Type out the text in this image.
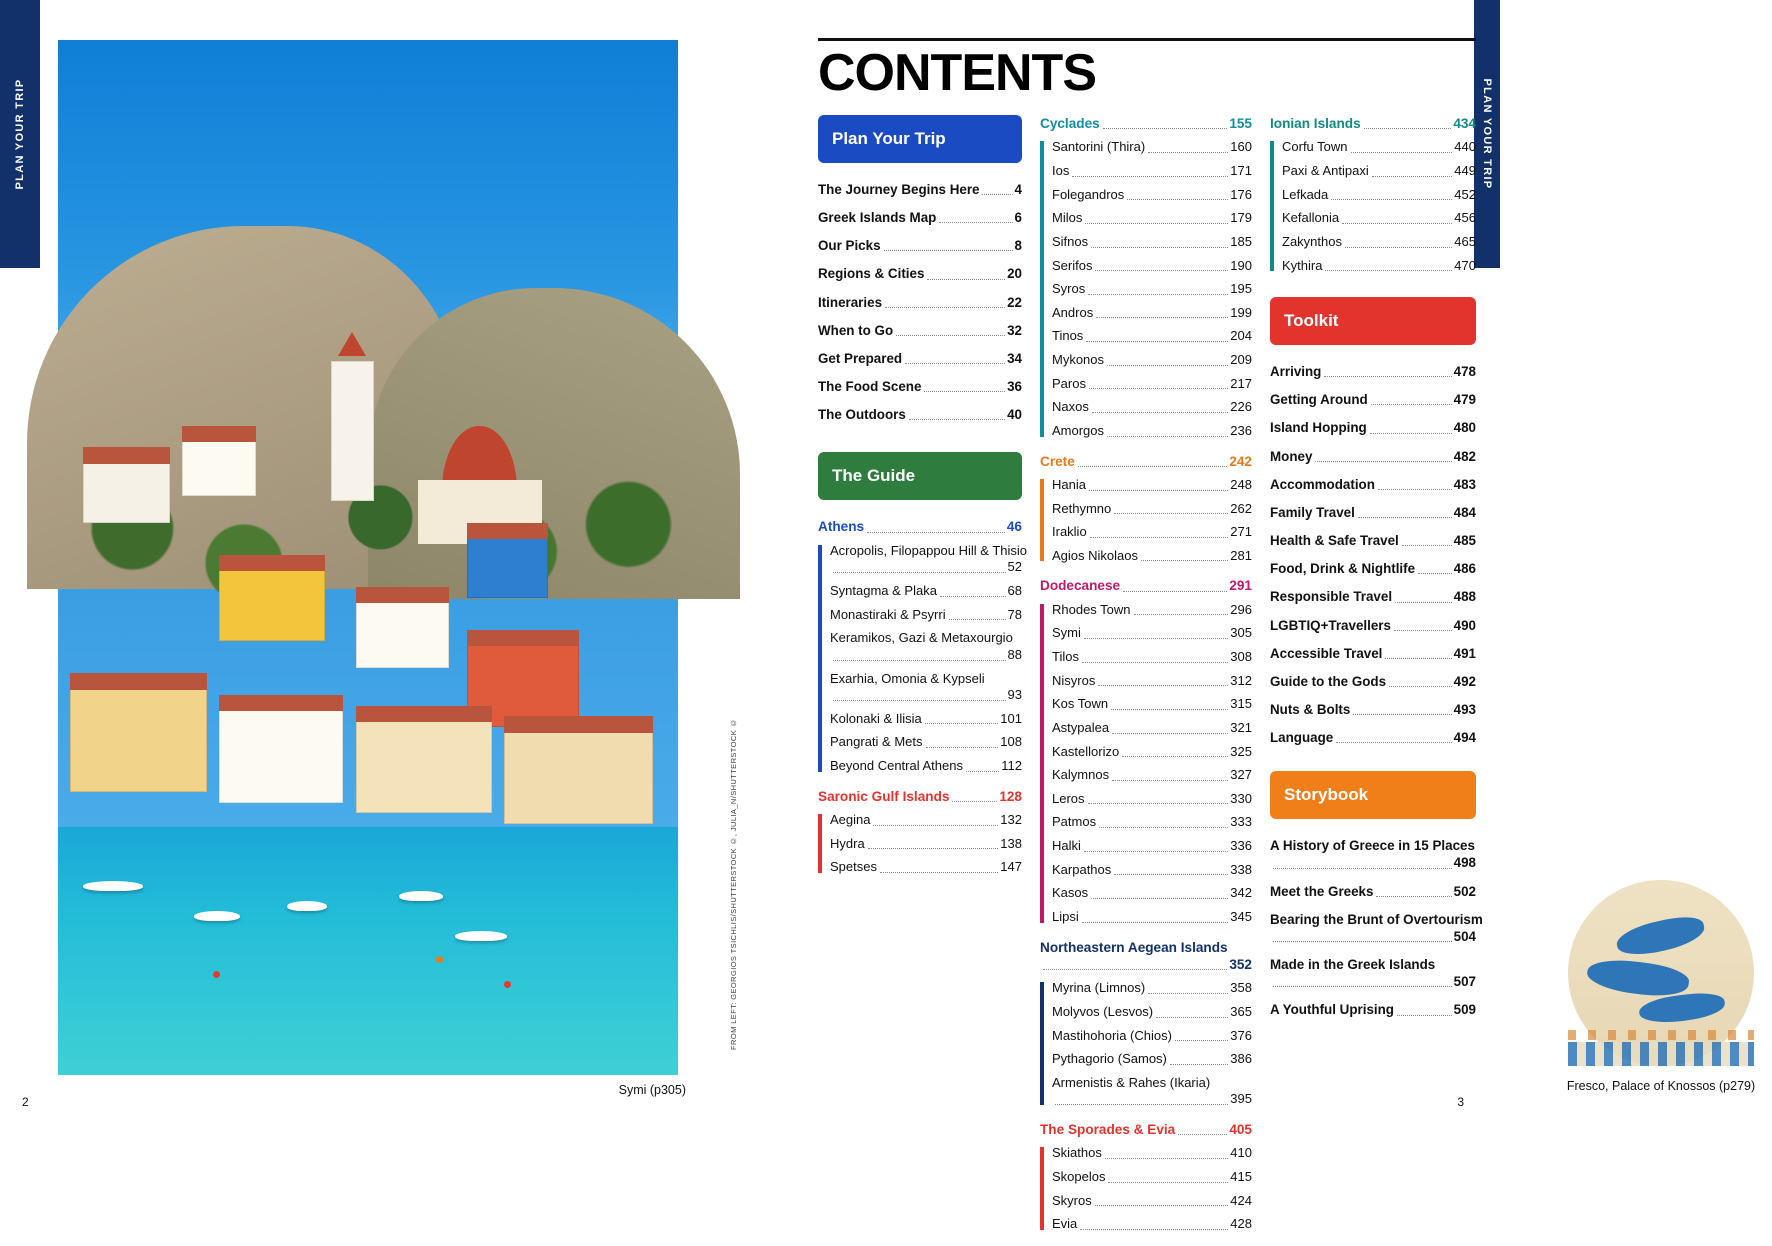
PLAN YOUR TRIP
FROM LEFT: GEORGIOS TSICHLIS/SHUTTERSTOCK ©, JULIA_N/SHUTTERSTOCK ©
Symi (p305)
2
PLAN YOUR TRIP
CONTENTS
Plan Your Trip
The Journey Begins Here	4
Greek Islands Map	6
Our Picks	8
Regions & Cities	20
Itineraries	22
When to Go	32
Get Prepared	34
The Food Scene	36
The Outdoors	40
The Guide
Athens	46
Acropolis, Filopappou Hill & Thisio
52
Syntagma & Plaka	68
Monastiraki & Psyrri	78
Keramikos, Gazi & Metaxourgio
88
Exarhia, Omonia & Kypseli
93
Kolonaki & Ilisia	101
Pangrati & Mets	108
Beyond Central Athens	112
Saronic Gulf Islands	128
Aegina	132
Hydra	138
Spetses	147
Cyclades	155
Santorini (Thira)	160
Ios	171
Folegandros	176
Milos	179
Sifnos	185
Serifos	190
Syros	195
Andros	199
Tinos	204
Mykonos	209
Paros	217
Naxos	226
Amorgos	236
Crete	242
Hania	248
Rethymno	262
Iraklio	271
Agios Nikolaos	281
Dodecanese	291
Rhodes Town	296
Symi	305
Tilos	308
Nisyros	312
Kos Town	315
Astypalea	321
Kastellorizo	325
Kalymnos	327
Leros	330
Patmos	333
Halki	336
Karpathos	338
Kasos	342
Lipsi	345
Northeastern Aegean Islands
352
Myrina (Limnos)	358
Molyvos (Lesvos)	365
Mastihohoria (Chios)	376
Pythagorio (Samos)	386
Armenistis & Rahes (Ikaria)
395
The Sporades & Evia	405
Skiathos	410
Skopelos	415
Skyros	424
Evia	428
Ionian Islands	434
Corfu Town	440
Paxi & Antipaxi	449
Lefkada	452
Kefallonia	456
Zakynthos	465
Kythira	470
Toolkit
Arriving	478
Getting Around	479
Island Hopping	480
Money	482
Accommodation	483
Family Travel	484
Health & Safe Travel	485
Food, Drink & Nightlife	486
Responsible Travel	488
LGBTIQ+Travellers	490
Accessible Travel	491
Guide to the Gods	492
Nuts & Bolts	493
Language	494
Storybook
A History of Greece in 15 Places
498
Meet the Greeks	502
Bearing the Brunt of Overtourism
504
Made in the Greek Islands
507
A Youthful Uprising	509
Fresco, Palace of Knossos (p279)
3
